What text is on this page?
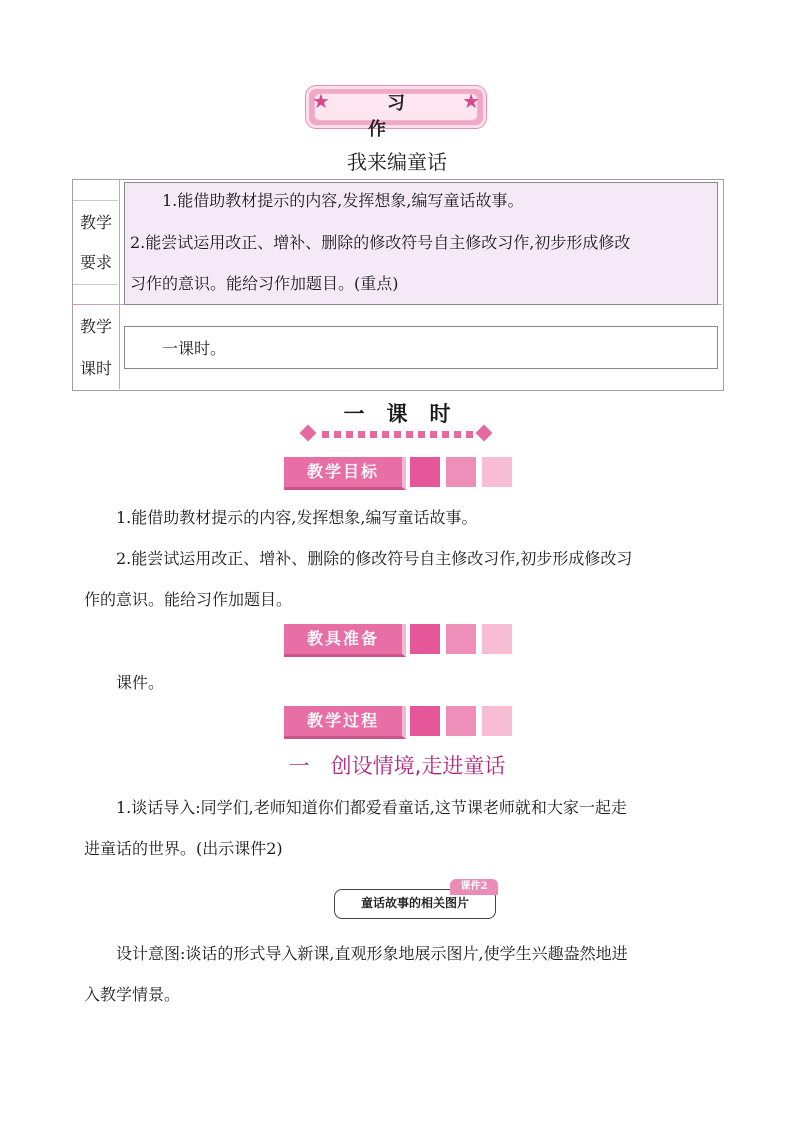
★	★
习 作
我来编童话
教学
要求
1.能借助教材提示的内容,发挥想象,编写童话故事。
2.能尝试运用改正、增补、删除的修改符号自主修改习作,初步形成修改
习作的意识。能给习作加题目。(重点)
教学
课时
一课时。
一课时
教学目标
1.能借助教材提示的内容,发挥想象,编写童话故事。
2.能尝试运用改正、增补、删除的修改符号自主修改习作,初步形成修改习
作的意识。能给习作加题目。
教具准备
课件。
教学过程
一　创设情境,走进童话
1.谈话导入:同学们,老师知道你们都爱看童话,这节课老师就和大家一起走
进童话的世界。(出示课件2)
童话故事的相关图片
课件2
设计意图:谈话的形式导入新课,直观形象地展示图片,使学生兴趣盎然地进
入教学情景。
